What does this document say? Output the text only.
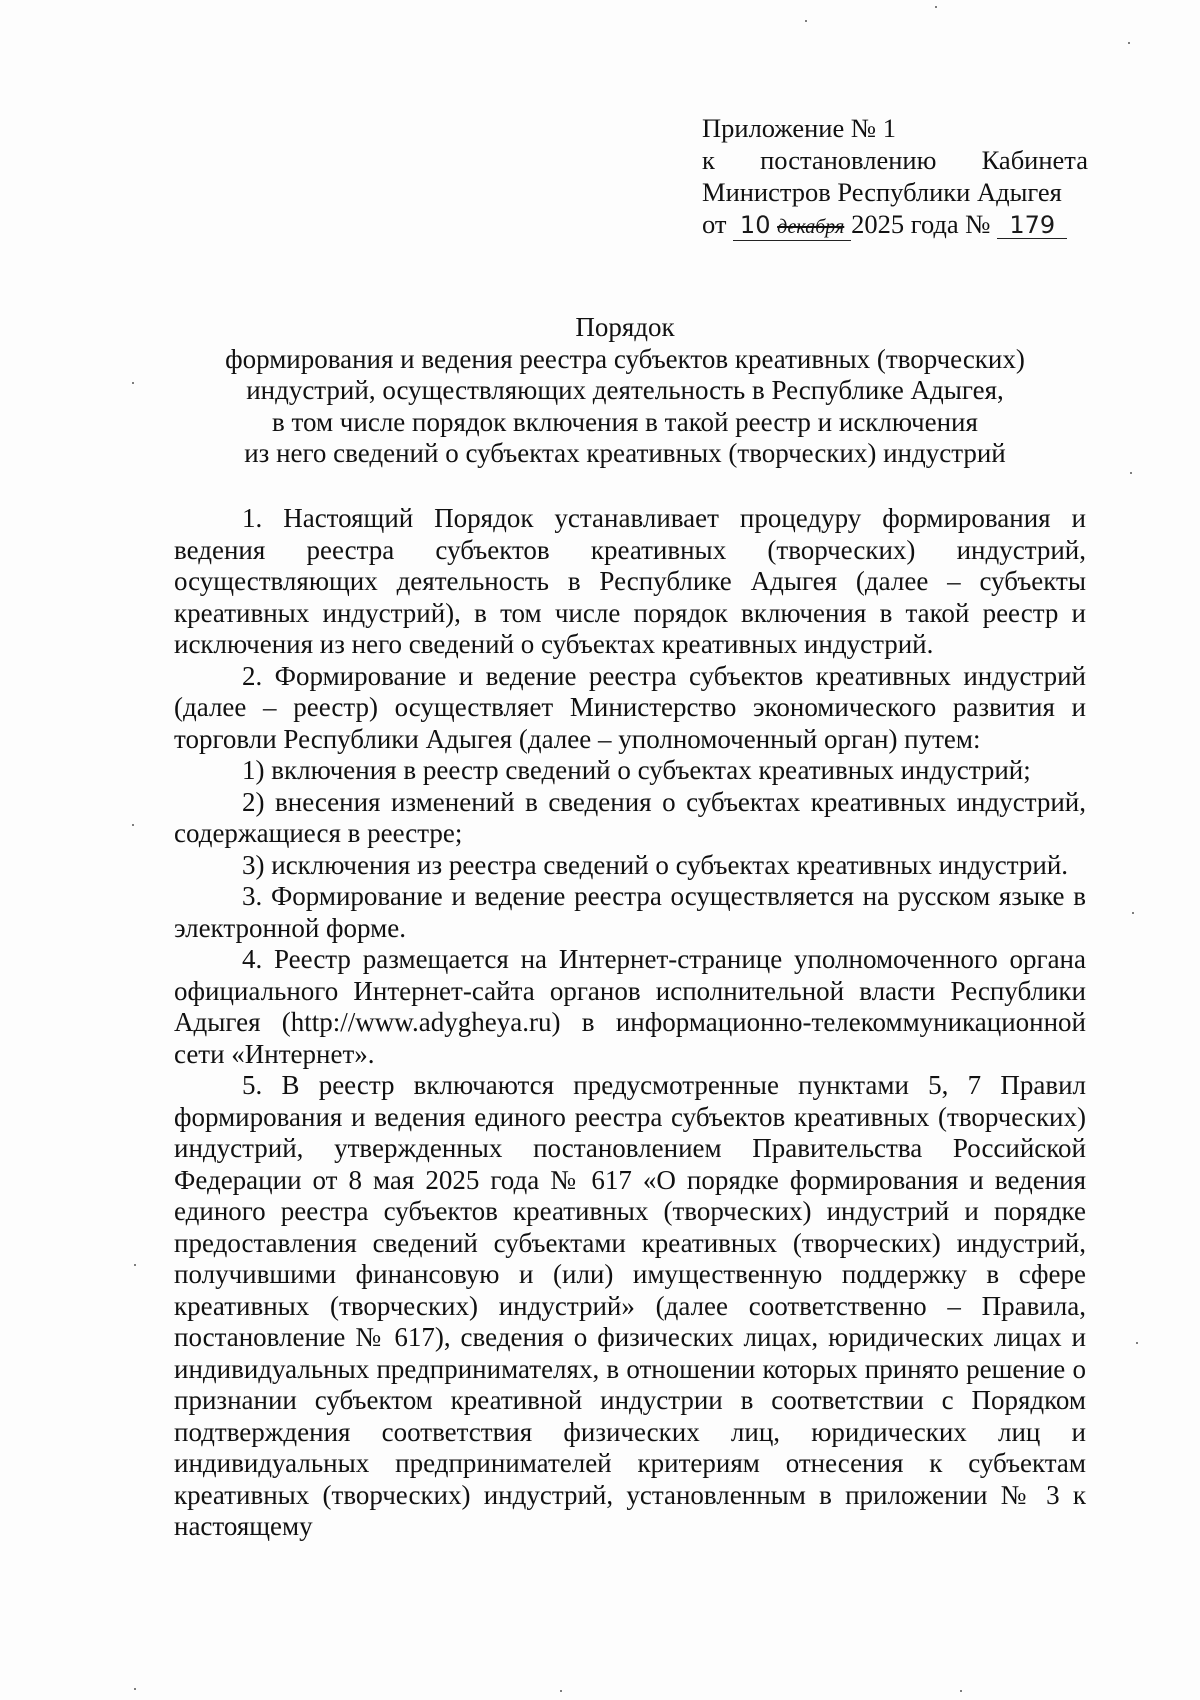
Приложение № 1
к постановлению Кабинета
Министров Республики Адыгея
от 10 декабря 2025 года № 179
Порядок
формирования и ведения реестра субъектов креативных (творческих)
индустрий, осуществляющих деятельность в Республике Адыгея,
в том числе порядок включения в такой реестр и исключения
из него сведений о субъектах креативных (творческих) индустрий

1. Настоящий Порядок устанавливает процедуру формирования и ведения реестра субъектов креативных (творческих) индустрий, осуществляющих деятельность в Республике Адыгея (далее – субъекты креативных индустрий), в том числе порядок включения в такой реестр и исключения из него сведений о субъектах креативных индустрий.

2. Формирование и ведение реестра субъектов креативных индустрий (далее – реестр) осуществляет Министерство экономического развития и торговли Республики Адыгея (далее – уполномоченный орган) путем:

1) включения в реестр сведений о субъектах креативных индустрий;

2) внесения изменений в сведения о субъектах креативных индустрий, содержащиеся в реестре;

3) исключения из реестра сведений о субъектах креативных индустрий.

3. Формирование и ведение реестра осуществляется на русском языке в электронной форме.

4. Реестр размещается на Интернет-странице уполномоченного органа официального Интернет-сайта органов исполнительной власти Республики Адыгея (http://www.adygheya.ru) в информационно-телекоммуникационной сети «Интернет».

5. В реестр включаются предусмотренные пунктами 5, 7 Правил формирования и ведения единого реестра субъектов креативных (творческих) индустрий, утвержденных постановлением Правительства Российской Федерации от 8 мая 2025 года № 617 «О порядке формирования и ведения единого реестра субъектов креативных (творческих) индустрий и порядке предоставления сведений субъектами креативных (творческих) индустрий, получившими финансовую и (или) имущественную поддержку в сфере креативных (творческих) индустрий» (далее соответственно – Правила, постановление № 617), сведения о физических лицах, юридических лицах и индивидуальных предпринимателях, в отношении которых принято решение о признании субъектом креативной индустрии в соответствии с Порядком подтверждения соответствия физических лиц, юридических лиц и индивидуальных предпринимателей критериям отнесения к субъектам креативных (творческих) индустрий, установленным в приложении № 3 к настоящему
